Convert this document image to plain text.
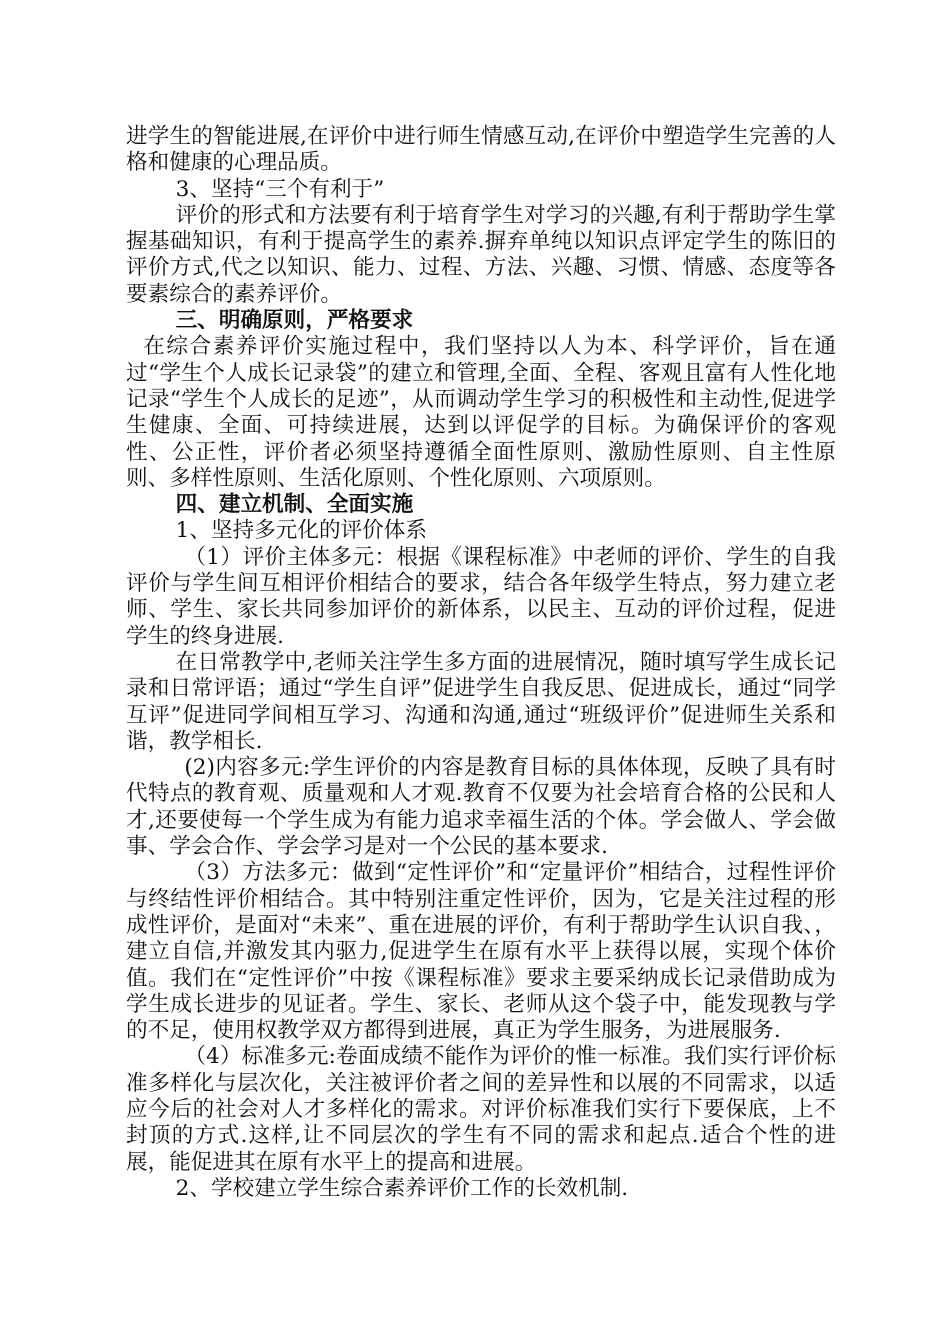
进学生的智能进展,在评价中进行师生情感互动,在评价中塑造学生完善的人格和健康的心理品质。

3、坚持“三个有利于”

评价的形式和方法要有利于培育学生对学习的兴趣,有利于帮助学生掌握基础知识，有利于提高学生的素养.摒弃单纯以知识点评定学生的陈旧的评价方式,代之以知识、能力、过程、方法、兴趣、习惯、情感、态度等各要素综合的素养评价。

三、明确原则，严格要求

在综合素养评价实施过程中，我们坚持以人为本、科学评价，旨在通过“学生个人成长记录袋”的建立和管理,全面、全程、客观且富有人性化地记录“学生个人成长的足迹”，从而调动学生学习的积极性和主动性,促进学生健康、全面、可持续进展，达到以评促学的目标。为确保评价的客观性、公正性，评价者必须坚持遵循全面性原则、激励性原则、自主性原则、多样性原则、生活化原则、个性化原则、六项原则。

四、建立机制、全面实施

1、坚持多元化的评价体系

（1）评价主体多元：根据《课程标准》中老师的评价、学生的自我评价与学生间互相评价相结合的要求，结合各年级学生特点，努力建立老师、学生、家长共同参加评价的新体系，以民主、互动的评价过程，促进学生的终身进展.

在日常教学中,老师关注学生多方面的进展情况，随时填写学生成长记录和日常评语；通过“学生自评”促进学生自我反思、促进成长，通过“同学互评”促进同学间相互学习、沟通和沟通,通过“班级评价”促进师生关系和谐，教学相长.

(2)内容多元:学生评价的内容是教育目标的具体体现，反映了具有时代特点的教育观、质量观和人才观.教育不仅要为社会培育合格的公民和人才,还要使每一个学生成为有能力追求幸福生活的个体。学会做人、学会做事、学会合作、学会学习是对一个公民的基本要求.

（3）方法多元：做到“定性评价”和“定量评价”相结合，过程性评价与终结性评价相结合。其中特别注重定性评价，因为，它是关注过程的形成性评价，是面对“未来”、重在进展的评价，有利于帮助学生认识自我、，建立自信,并激发其内驱力,促进学生在原有水平上获得以展，实现个体价值。我们在“定性评价”中按《课程标准》要求主要采纳成长记录借助成为学生成长进步的见证者。学生、家长、老师从这个袋子中，能发现教与学的不足，使用权教学双方都得到进展，真正为学生服务，为进展服务.

（4）标准多元:卷面成绩不能作为评价的惟一标准。我们实行评价标准多样化与层次化，关注被评价者之间的差异性和以展的不同需求，以适应今后的社会对人才多样化的需求。对评价标准我们实行下要保底，上不封顶的方式.这样,让不同层次的学生有不同的需求和起点.适合个性的进展，能促进其在原有水平上的提高和进展。

2、学校建立学生综合素养评价工作的长效机制.
